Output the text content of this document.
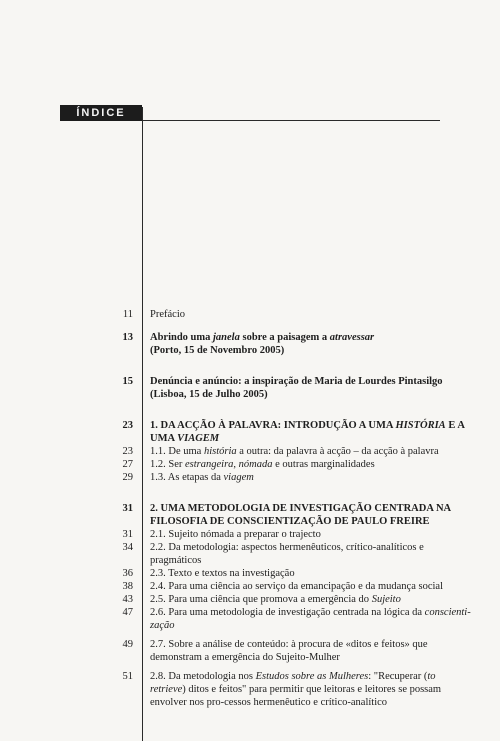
ÍNDICE
11 Prefácio
13 Abrindo uma janela sobre a paisagem a atravessar
(Porto, 15 de Novembro 2005)
15 Denúncia e anúncio: a inspiração de Maria de Lourdes Pintasilgo
(Lisboa, 15 de Julho 2005)
23 1. DA ACÇÃO À PALAVRA: INTRODUÇÃO A UMA HISTÓRIA E A UMA VIAGEM
23 1.1. De uma história a outra: da palavra à acção – da acção à palavra
27 1.2. Ser estrangeira, nómada e outras marginalidades
29 1.3. As etapas da viagem
31 2. UMA METODOLOGIA DE INVESTIGAÇÃO CENTRADA NA FILOSOFIA DE CONSCIENTIZAÇÃO DE PAULO FREIRE
31 2.1. Sujeito nómada a preparar o trajecto
34 2.2. Da metodologia: aspectos hermenêuticos, crítico-analíticos e pragmáticos
36 2.3. Texto e textos na investigação
38 2.4. Para uma ciência ao serviço da emancipação e da mudança social
43 2.5. Para uma ciência que promova a emergência do Sujeito
47 2.6. Para uma metodologia de investigação centrada na lógica da conscienti-zação
49 2.7. Sobre a análise de conteúdo: à procura de «ditos e feitos» que demonstram a emergência do Sujeito-Mulher
51 2.8. Da metodologia nos Estudos sobre as Mulheres: "Recuperar (to retrieve) ditos e feitos" para permitir que leitoras e leitores se possam envolver nos pro-cessos hermenêutico e crítico-analítico
